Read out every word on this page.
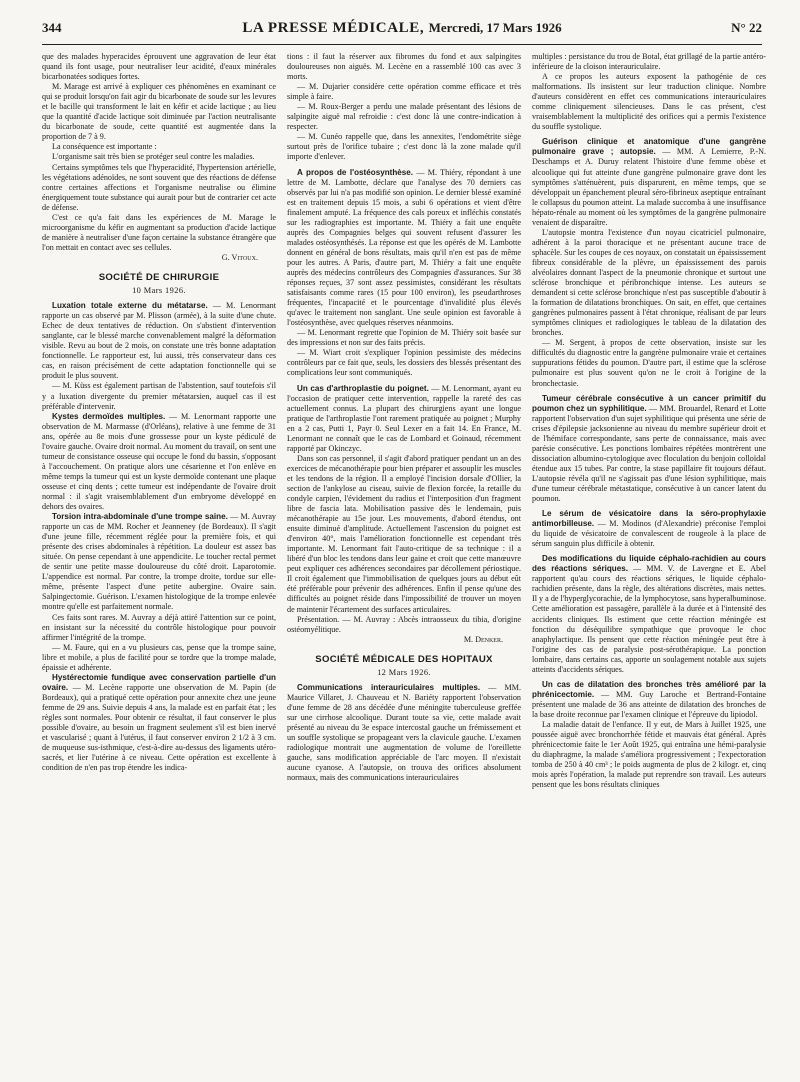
344	LA PRESSE MÉDICALE, Mercredi, 17 Mars 1926	N° 22

que des malades hyperacides éprouvent une aggravation de leur état quand ils font usage, pour neutraliser leur acidité, d'eaux minérales bicarbonatées sodiques fortes.

M. Marage est arrivé à expliquer ces phénomènes en examinant ce qui se produit lorsqu'on fait agir du bicarbonate de soude sur les levures et le bacille qui transforment le lait en kéfir et acide lactique ; au lieu que la quantité d'acide lactique soit diminuée par l'action neutralisante du bicarbonate de soude, cette quantité est augmentée dans la proportion de 7 à 9.

La conséquence est importante :

L'organisme sait très bien se protéger seul contre les maladies.

Certains symptômes tels que l'hyperacidité, l'hypertension artérielle, les végétations adénoïdes, ne sont souvent que des réactions de défense contre certaines affections et l'organisme neutralise ou élimine énergiquement toute substance qui aurait pour but de contrarier cet acte de défense.

C'est ce qu'a fait dans les expériences de M. Marage le microorganisme du kéfir en augmentant sa production d'acide lactique de manière à neutraliser d'une façon certaine la substance étrangère que l'on mettait en contact avec ses cellules.

G. Vitoux.
SOCIÉTÉ DE CHIRURGIE
10 Mars 1926.

Luxation totale externe du métatarse. — M. Lenormant rapporte un cas observé par M. Plisson (armée), à la suite d'une chute. Echec de deux tentatives de réduction. On s'abstient d'intervention sanglante, car le blessé marche convenablement malgré la déformation visible. Revu au bout de 2 mois, on constate une très bonne adaptation fonctionnelle. Le rapporteur est, lui aussi, très conservateur dans ces cas, en raison précisément de cette adaptation fonctionnelle qui se produit le plus souvent.

— M. Küss est également partisan de l'abstention, sauf toutefois s'il y a luxation divergente du premier métatarsien, auquel cas il est préférable d'intervenir.

Kystes dermoïdes multiples. — M. Lenormant rapporte une observation de M. Marmasse (d'Orléans), relative à une femme de 31 ans, opérée au 8e mois d'une grossesse pour un kyste pédiculé de l'ovaire gauche. Ovaire droit normal. Au moment du travail, on sent une tumeur de consistance osseuse qui occupe le fond du bassin, s'opposant à l'accouchement. On pratique alors une césarienne et l'on enlève en même temps la tumeur qui est un kyste dermoïde contenant une plaque osseuse et cinq dents ; cette tumeur est indépendante de l'ovaire droit normal : il s'agit vraisemblablement d'un embryome développé en dehors des ovaires.

Torsion intra-abdominale d'une trompe saine. — M. Auvray rapporte un cas de MM. Rocher et Jeanneney (de Bordeaux). Il s'agit d'une jeune fille, récemment réglée pour la première fois, et qui présente des crises abdominales à répétition. La douleur est assez bas située. On pense cependant à une appendicite. Le toucher rectal permet de sentir une petite masse douloureuse du côté droit. Laparotomie. L'appendice est normal. Par contre, la trompe droite, tordue sur elle-même, présente l'aspect d'une petite aubergine. Ovaire sain. Salpingectomie. Guérison. L'examen histologique de la trompe enlevée montre qu'elle est parfaitement normale.

Ces faits sont rares. M. Auvray a déjà attiré l'attention sur ce point, en insistant sur la nécessité du contrôle histologique pour pouvoir affirmer l'intégrité de la trompe.

— M. Faure, qui en a vu plusieurs cas, pense que la trompe saine, libre et mobile, a plus de facilité pour se tordre que la trompe malade, épaissie et adhérente.

Hystérectomie fundique avec conservation partielle d'un ovaire. — M. Lecène rapporte une observation de M. Papin (de Bordeaux), qui a pratiqué cette opération pour annexite chez une jeune femme de 29 ans. Suivie depuis 4 ans, la malade est en parfait état ; les règles sont normales. Pour obtenir ce résultat, il faut conserver le plus possible d'ovaire, au besoin un fragment seulement s'il est bien inervé et vascularisé ; quant à l'utérus, il faut conserver environ 2 1/2 à 3 cm. de muqueuse sus-isthmique, c'est-à-dire au-dessus des ligaments utéro-sacrés, et lier l'utérine à ce niveau. Cette opération est excellente à condition de n'en pas trop étendre les indica-

tions : il faut la réserver aux fibromes du fond et aux salpingites douloureuses non aiguës. M. Lecène en a rassemblé 100 cas avec 3 morts.

— M. Dujarier considère cette opération comme efficace et très simple à faire.

— M. Roux-Berger a perdu une malade présentant des lésions de salpingite aiguë mal refroidie : c'est donc là une contre-indication à respecter.

— M. Cunéo rappelle que, dans les annexites, l'endométrite siège surtout près de l'orifice tubaire ; c'est donc là la zone malade qu'il importe d'enlever.

A propos de l'ostéosynthèse. — M. Thiéry, répondant à une lettre de M. Lambotte, déclare que l'analyse des 70 derniers cas observés par lui n'a pas modifié son opinion. Le dernier blessé examiné est en traitement depuis 15 mois, a subi 6 opérations et vient d'être finalement amputé. La fréquence des cals poreux et infléchis constatés sur les radiographies est importante. M. Thiéry a fait une enquête auprès des Compagnies belges qui souvent refusent d'assurer les malades ostéosynthésés. La réponse est que les opérés de M. Lambotte donnent en général de bons résultats, mais qu'il n'en est pas de même pour les autres. A Paris, d'autre part, M. Thiéry a fait une enquête auprès des médecins contrôleurs des Compagnies d'assurances. Sur 38 réponses reçues, 37 sont assez pessimistes, considérant les résultats satisfaisants comme rares (15 pour 100 environ), les pseudarthroses fréquentes, l'incapacité et le pourcentage d'invalidité plus élevés qu'avec le traitement non sanglant. Une seule opinion est favorable à l'ostéosynthèse, avec quelques réserves néanmoins.

— M. Lenormant regrette que l'opinion de M. Thiéry soit basée sur des impressions et non sur des faits précis.

— M. Wiart croit s'expliquer l'opinion pessimiste des médecins contrôleurs par ce fait que, seuls, les dossiers des blessés présentant des complications leur sont communiqués.

Un cas d'arthroplastie du poignet. — M. Lenormant, ayant eu l'occasion de pratiquer cette intervention, rappelle la rareté des cas actuellement connus. La plupart des chirurgiens ayant une longue pratique de l'arthroplastie l'ont rarement pratiquée au poignet ; Murphy en a 2 cas, Putti 1, Payr 0. Seul Lexer en a fait 14. En France, M. Lenormant ne connaît que le cas de Lombard et Goinaud, récemment rapporté par Okinczyc.

Dans son cas personnel, il s'agit d'abord pratiquer pendant un an des exercices de mécanothérapie pour bien préparer et assouplir les muscles et les tendons de la région. Il a employé l'incision dorsale d'Ollier, la section de l'ankylose au ciseau, suivie de flexion forcée, la retaille du condyle carpien, l'évidement du radius et l'interposition d'un fragment libre de fascia lata. Mobilisation passive dès le lendemain, puis mécanothérapie au 15e jour. Les mouvements, d'abord étendus, ont ensuite diminué d'amplitude. Actuellement l'ascension du poignet est d'environ 40°, mais l'amélioration fonctionnelle est cependant très importante. M. Lenormant fait l'auto-critique de sa technique : il a libéré d'un bloc les tendons dans leur gaine et croit que cette manœuvre peut expliquer ces adhérences secondaires par décollement périostique. Il croit également que l'immobilisation de quelques jours au début eût été préférable pour prévenir des adhérences. Enfin il pense qu'une des difficultés au poignet réside dans l'impossibilité de trouver un moyen de maintenir l'écartement des surfaces articulaires.

Présentation. — M. Auvray : Abcès intraosseux du tibia, d'origine ostéomyélitique.

M. Denker.
SOCIÉTÉ MÉDICALE DES HOPITAUX
12 Mars 1926.

Communications interauriculaires multiples. — MM. Maurice Villaret, J. Chauveau et N. Bariéty rapportent l'observation d'une femme de 28 ans décédée d'une méningite tuberculeuse greffée sur une cirrhose alcoolique. Durant toute sa vie, cette malade avait présenté au niveau du 3e espace intercostal gauche un frémissement et un souffle systolique se propageant vers la clavicule gauche. L'examen radiologique montrait une augmentation de volume de l'oreillette gauche, sans modification appréciable de l'arc moyen. Il n'existait aucune cyanose. A l'autopsie, on trouva des orifices absolument normaux, mais des communications interauriculaires

multiples : persistance du trou de Botal, état grillagé de la partie antéro-inférieure de la cloison interauriculaire.

A ce propos les auteurs exposent la pathogénie de ces malformations. Ils insistent sur leur traduction clinique. Nombre d'auteurs considèrent en effet ces communications interauriculaires comme cliniquement silencieuses. Dans le cas présent, c'est vraisemblablement la multiplicité des orifices qui a permis l'existence du souffle systolique.

Guérison clinique et anatomique d'une gangrène pulmonaire grave ; autopsie. — MM. A Lemierre, P.-N. Deschamps et A. Duruy relatent l'histoire d'une femme obèse et alcoolique qui fut atteinte d'une gangrène pulmonaire grave dont les symptômes s'atténuèrent, puis disparurent, en même temps, que se développait un épanchement pleural séro-fibrineux aseptique entraînant le collapsus du poumon atteint. La malade succomba à une insuffisance hépato-rénale au moment où les symptômes de la gangrène pulmonaire venaient de disparaître.

L'autopsie montra l'existence d'un noyau cicatriciel pulmonaire, adhérent à la paroi thoracique et ne présentant aucune trace de sphacèle. Sur les coupes de ces noyaux, on constatait un épaississement fibreux considérable de la plèvre, un épaississement des parois alvéolaires donnant l'aspect de la pneumonie chronique et surtout une sclérose bronchique et péribronchique intense. Les auteurs se demandent si cette sclérose bronchique n'est pas susceptible d'aboutir à la formation de dilatations bronchiques. On sait, en effet, que certaines gangrènes pulmonaires passent à l'état chronique, réalisant de par leurs symptômes cliniques et radiologiques le tableau de la dilatation des bronches.

— M. Sergent, à propos de cette observation, insiste sur les difficultés du diagnostic entre la gangrène pulmonaire vraie et certaines suppurations fétides du poumon. D'autre part, il estime que la sclérose pulmonaire est plus souvent qu'on ne le croit à l'origine de la bronchectasie.

Tumeur cérébrale consécutive à un cancer primitif du poumon chez un syphilitique. — MM. Brouardel, Renard et Lotte rapportent l'observation d'un sujet syphilitique qui présenta une série de crises d'épilepsie jacksonienne au niveau du membre supérieur droit et de l'hémiface correspondante, sans perte de connaissance, mais avec parésie consécutive. Les ponctions lombaires répétées montrèrent une dissociation albumino-cytologique avec floculation du benjoin colloïdal étendue aux 15 tubes. Par contre, la stase papillaire fit toujours défaut. L'autopsie révéla qu'il ne s'agissait pas d'une lésion syphilitique, mais d'une tumeur cérébrale métastatique, consécutive à un cancer latent du poumon.

Le sérum de vésicatoire dans la séro-prophylaxie antimorbilleuse. — M. Modinos (d'Alexandrie) préconise l'emploi du liquide de vésicatoire de convalescent de rougeole à la place de sérum sanguin plus difficile à obtenir.

Des modifications du liquide céphalo-rachidien au cours des réactions sériques. — MM. V. de Lavergne et E. Abel rapportent qu'au cours des réactions sériques, le liquide céphalo-rachidien présente, dans la règle, des altérations discrètes, mais nettes. Il y a de l'hyperglycorachie, de la lymphocytose, sans hyperalbuminose. Cette amélioration est passagère, parallèle à la durée et à l'intensité des accidents cliniques. Ils estiment que cette réaction méningée est fonction du déséquilibre sympathique que provoque le choc anaphylactique. Ils pensent que cette réaction méningée peut être à l'origine des cas de paralysie post-sérothérapique. La ponction lombaire, dans certains cas, apporte un soulagement notable aux sujets atteints d'accidents sériques.

Un cas de dilatation des bronches très amélioré par la phrénicectomie. — MM. Guy Laroche et Bertrand-Fontaine présentent une malade de 36 ans atteinte de dilatation des bronches de la base droite reconnue par l'examen clinique et l'épreuve du lipiodol.

La maladie datait de l'enfance. Il y eut, de Mars à Juillet 1925, une poussée aiguë avec bronchorrhée fétide et mauvais état général. Après phrénicectomie faite le 1er Août 1925, qui entraîna une hémi-paralysie du diaphragme, la malade s'améliora progressivement ; l'expectoration tomba de 250 à 40 cm³ ; le poids augmenta de plus de 2 kilogr. et, cinq mois après l'opération, la malade put reprendre son travail. Les auteurs pensent que les bons résultats cliniques
